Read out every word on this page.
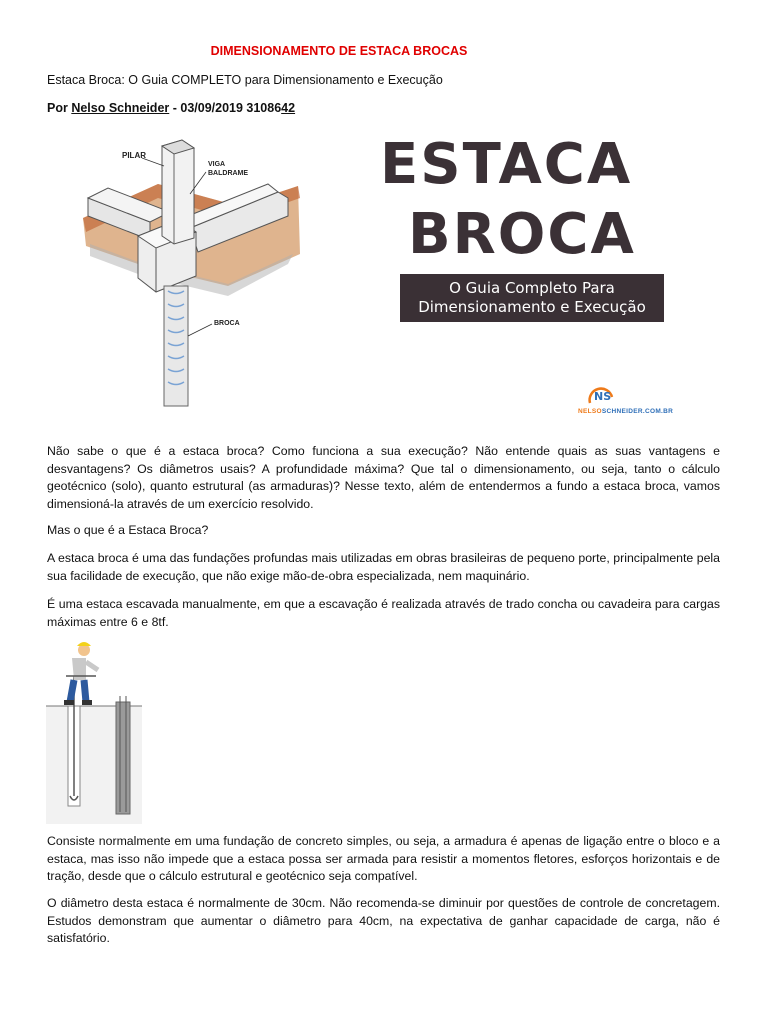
DIMENSIONAMENTO DE ESTACA BROCAS
Estaca Broca: O Guia COMPLETO para Dimensionamento e Execução
Por Nelso Schneider - 03/09/2019 3108642
PILAR
VIGA
BALDRAME
BROCA
ESTACA
BROCA
O Guia Completo Para
Dimensionamento e Execução
NS
NELSOSCHNEIDER.COM.BR
Não sabe o que é a estaca broca? Como funciona a sua execução? Não entende quais as suas vantagens e desvantagens? Os diâmetros usais? A profundidade máxima? Que tal o dimensionamento, ou seja, tanto o cálculo geotécnico (solo), quanto estrutural (as armaduras)? Nesse texto, além de entendermos a fundo a estaca broca, vamos dimensioná-la através de um exercício resolvido.
Mas o que é a Estaca Broca?
A estaca broca é uma das fundações profundas mais utilizadas em obras brasileiras de pequeno porte, principalmente pela sua facilidade de execução, que não exige mão-de-obra especializada, nem maquinário.
É uma estaca escavada manualmente, em que a escavação é realizada através de trado concha ou cavadeira para cargas máximas entre 6 e 8tf.
Consiste normalmente em uma fundação de concreto simples, ou seja, a armadura é apenas de ligação entre o bloco e a estaca, mas isso não impede que a estaca possa ser armada para resistir a momentos fletores, esforços horizontais e de tração, desde que o cálculo estrutural e geotécnico seja compatível.
O diâmetro desta estaca é normalmente de 30cm. Não recomenda-se diminuir por questões de controle de concretagem. Estudos demonstram que aumentar o diâmetro para 40cm, na expectativa de ganhar capacidade de carga, não é satisfatório.
